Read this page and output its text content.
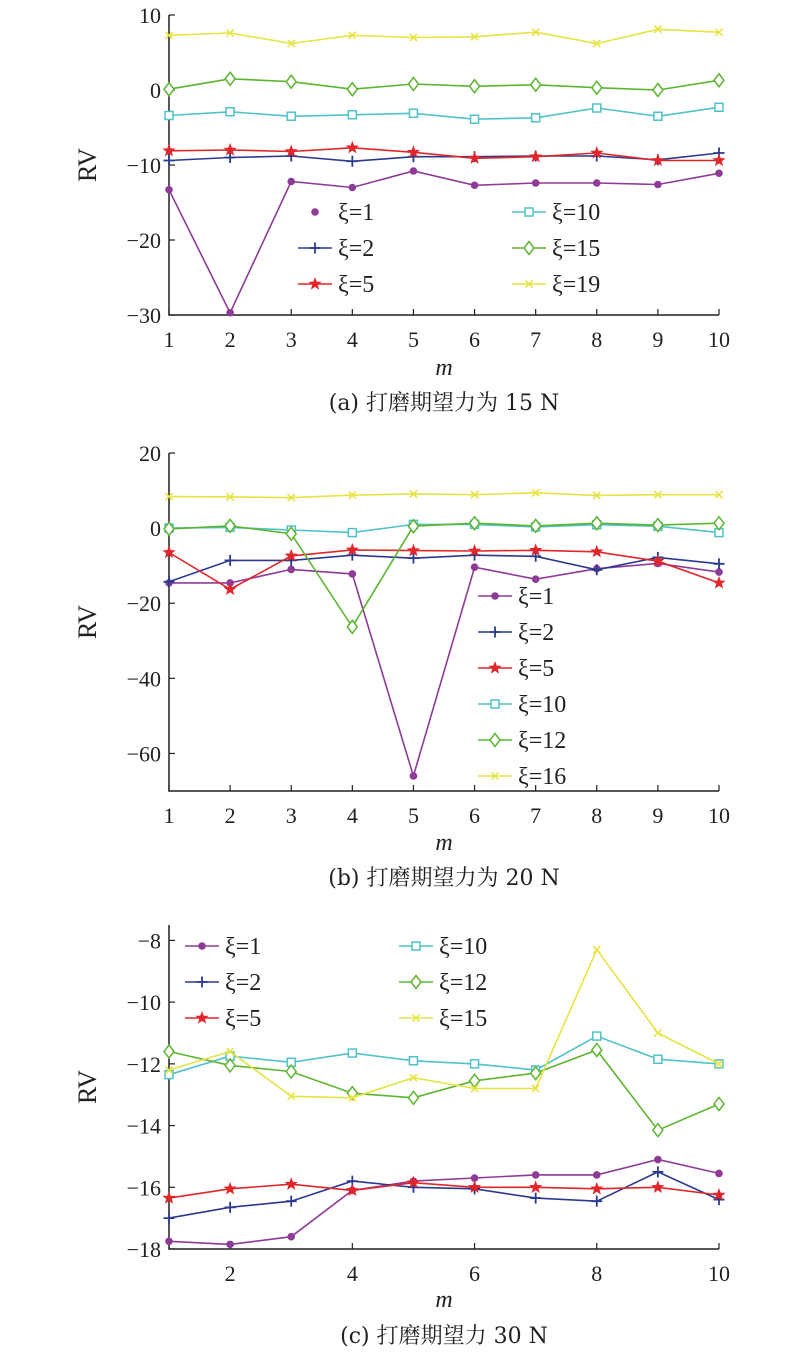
10
0
−10
−20
−30
1 2 3 4 5 6 7 8 9 10
RV
m
(a) 打磨期望力为 15 N
ξ=1
ξ=2
ξ=5
ξ=10
ξ=15
ξ=19
20
0
−20
−40
−60
1 2 3 4 5 6 7 8 9 10
RV
m
(b) 打磨期望力为 20 N
ξ=1
ξ=2
ξ=5
ξ=10
ξ=12
ξ=16
−8
−10
−12
−14
−16
−18
2	4	6	8	10
RV
m
(c) 打磨期望力 30 N
ξ=1
ξ=2
ξ=5
ξ=10
ξ=12
ξ=15
